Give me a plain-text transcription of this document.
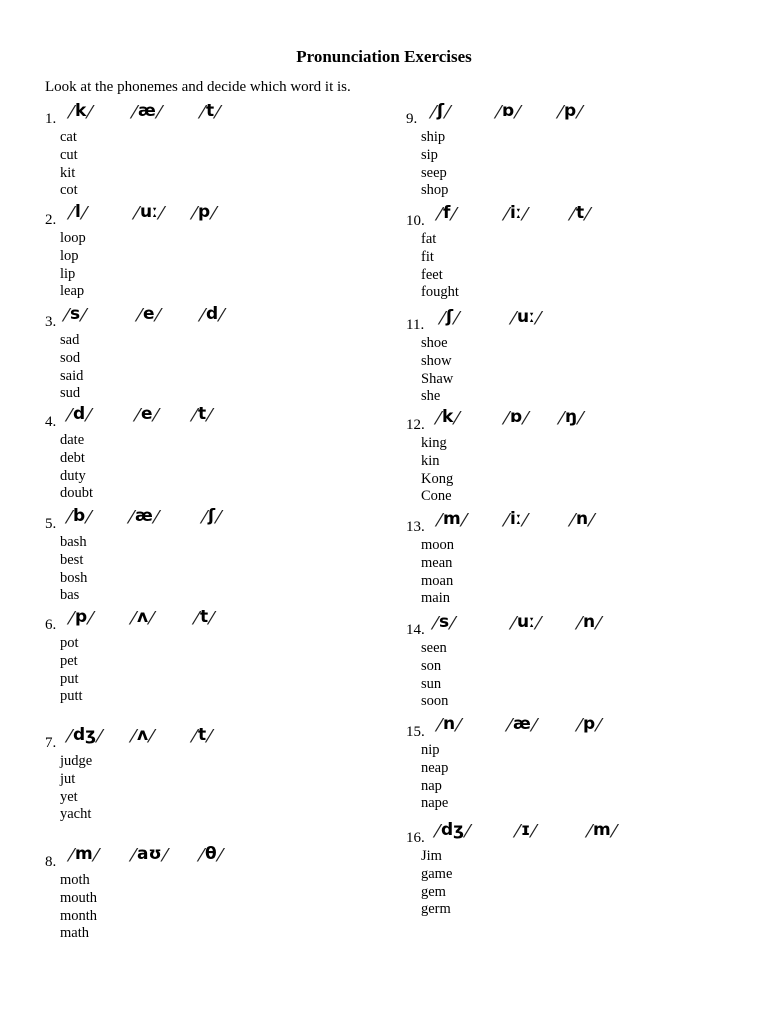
Pronunciation Exercises
Look at the phonemes and decide which word it is.
1. ⁄ k ⁄ ⁄ æ ⁄ ⁄ t ⁄
cat
cut
kit
cot
2. ⁄ l ⁄	⁄ uː ⁄ ⁄ p ⁄
loop
lop
lip
leap
3. ⁄ s ⁄	⁄ e ⁄ ⁄ d ⁄
sad
sod
said
sud
4. ⁄ d ⁄	⁄ e ⁄ ⁄ t ⁄
date
debt
duty
doubt
5. ⁄ b ⁄ ⁄ æ ⁄	⁄ ʃ ⁄
bash
best
bosh
bas
6. ⁄ p ⁄ ⁄ ʌ ⁄ ⁄ t ⁄
pot
pet
put
putt
7. ⁄ dʒ ⁄ ⁄ ʌ ⁄ ⁄ t ⁄
judge
jut
yet
yacht
8. ⁄ m ⁄ ⁄ aʊ ⁄ ⁄ θ ⁄
moth
mouth
month
math
9. ⁄ ʃ ⁄	⁄ ɒ ⁄ ⁄ p ⁄
ship
sip
seep
shop
10. ⁄ f ⁄	⁄ iː ⁄ ⁄ t ⁄
fat
fit
feet
fought
11. ⁄ ʃ ⁄	⁄ uː ⁄
shoe
show
Shaw
she
12. ⁄ k ⁄	⁄ ɒ ⁄ ⁄ ŋ ⁄
king
kin
Kong
Cone
13. ⁄ m ⁄ ⁄ iː ⁄ ⁄ n ⁄
moon
mean
moan
main
14. ⁄ s ⁄	⁄ uː ⁄ ⁄ n ⁄
seen
son
sun
soon
15. ⁄ n ⁄	⁄ æ ⁄ ⁄ p ⁄
nip
neap
nap
nape
16. ⁄ dʒ ⁄	⁄ ɪ ⁄	⁄ m ⁄
Jim
game
gem
germ
